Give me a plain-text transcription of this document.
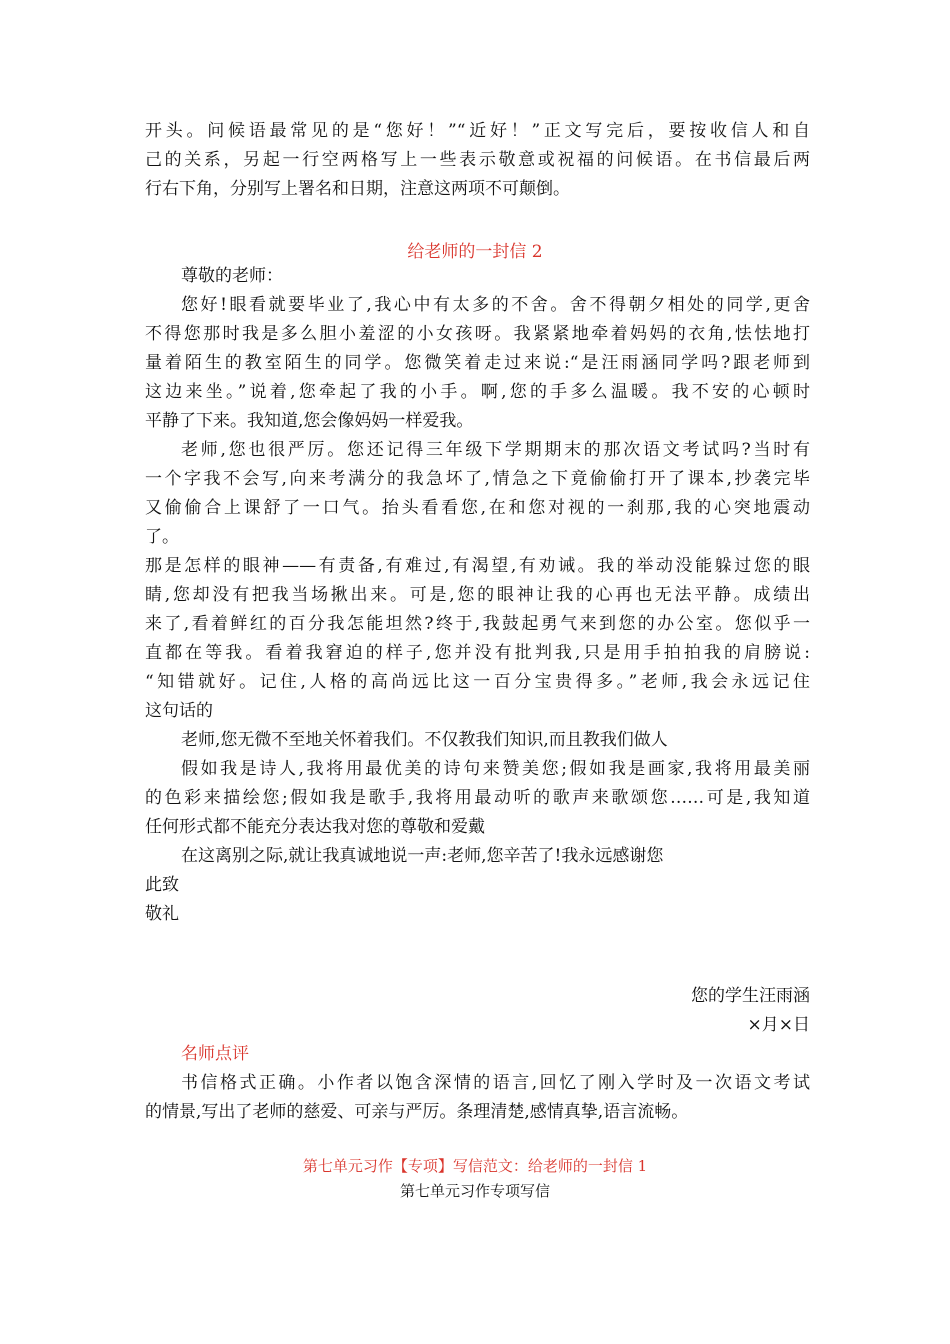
开头。问候语最常见的是“您好！”“近好！”正文写完后，要按收信人和自
己的关系，另起一行空两格写上一些表示敬意或祝福的问候语。在书信最后两
行右下角，分别写上署名和日期，注意这两项不可颠倒。
给老师的一封信 2
尊敬的老师：
您好!眼看就要毕业了,我心中有太多的不舍。舍不得朝夕相处的同学,更舍
不得您那时我是多么胆小羞涩的小女孩呀。我紧紧地牵着妈妈的衣角,怯怯地打
量着陌生的教室陌生的同学。您微笑着走过来说:“是汪雨涵同学吗?跟老师到
这边来坐。”说着,您牵起了我的小手。啊,您的手多么温暖。我不安的心顿时
平静了下来。我知道,您会像妈妈一样爱我。
老师,您也很严厉。您还记得三年级下学期期末的那次语文考试吗?当时有
一个字我不会写,向来考满分的我急坏了,情急之下竟偷偷打开了课本,抄袭完毕
又偷偷合上课舒了一口气。抬头看看您,在和您对视的一刹那,我的心突地震动
了。
那是怎样的眼神——有责备,有难过,有渴望,有劝诫。我的举动没能躲过您的眼
睛,您却没有把我当场揪出来。可是,您的眼神让我的心再也无法平静。成绩出
来了,看着鲜红的百分我怎能坦然?终于,我鼓起勇气来到您的办公室。您似乎一
直都在等我。看着我窘迫的样子,您并没有批判我,只是用手拍拍我的肩膀说:
“知错就好。记住,人格的高尚远比这一百分宝贵得多。”老师,我会永远记住
这句话的
老师,您无微不至地关怀着我们。不仅教我们知识,而且教我们做人
假如我是诗人,我将用最优美的诗句来赞美您;假如我是画家,我将用最美丽
的色彩来描绘您;假如我是歌手,我将用最动听的歌声来歌颂您……可是,我知道
任何形式都不能充分表达我对您的尊敬和爱戴
在这离别之际,就让我真诚地说一声:老师,您辛苦了!我永远感谢您
此致
敬礼
您的学生汪雨涵
×月×日
名师点评
书信格式正确。小作者以饱含深情的语言,回忆了刚入学时及一次语文考试
的情景,写出了老师的慈爱、可亲与严厉。条理清楚,感情真挚,语言流畅。
第七单元习作【专项】写信范文：给老师的一封信 1
第七单元习作专项写信
